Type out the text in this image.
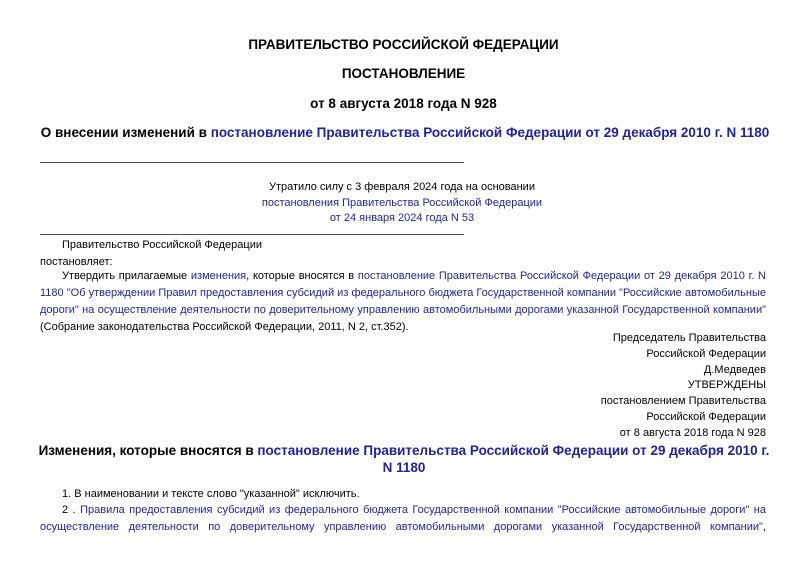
ПРАВИТЕЛЬСТВО РОССИЙСКОЙ ФЕДЕРАЦИИ
ПОСТАНОВЛЕНИЕ
от 8 августа 2018 года N 928
О внесении изменений в постановление Правительства Российской Федерации от 29 декабря 2010 г. N 1180
Утратило силу с 3 февраля 2024 года на основании
постановления Правительства Российской Федерации
от 24 января 2024 года N 53
Правительство Российской Федерации
постановляет:
Утвердить прилагаемые изменения, которые вносятся в постановление Правительства Российской Федерации от 29 декабря 2010 г. N
1180 "Об утверждении Правил предоставления субсидий из федерального бюджета Государственной компании "Российские автомобильные
дороги" на осуществление деятельности по доверительному управлению автомобильными дорогами указанной Государственной компании"
(Собрание законодательства Российской Федерации, 2011, N 2, ст.352).
Председатель Правительства
Российской Федерации
Д.Медведев
УТВЕРЖДЕНЫ
постановлением Правительства
Российской Федерации
от 8 августа 2018 года N 928
Изменения, которые вносятся в постановление Правительства Российской Федерации от 29 декабря 2010 г.
N 1180
1. В наименовании и тексте слово "указанной" исключить.
2 . Правила предоставления субсидий из федерального бюджета Государственной компании "Российские автомобильные дороги" на
осуществление деятельности по доверительному управлению автомобильными дорогами указанной Государственной компании",
